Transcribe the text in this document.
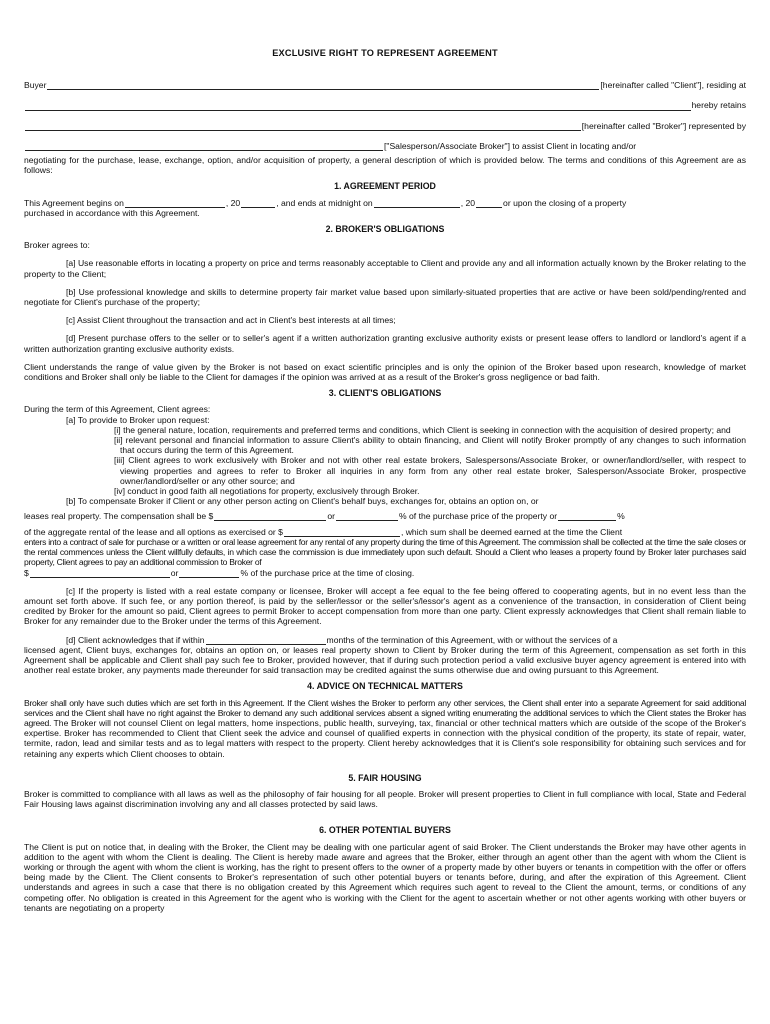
EXCLUSIVE RIGHT TO REPRESENT AGREEMENT
Buyer	[hereinafter called "Client"], residing at
hereby retains
[hereinafter called "Broker"] represented by
["Salesperson/Associate Broker"] to assist Client in locating and/or

negotiating for the purchase, lease, exchange, option, and/or acquisition of property, a general description of which is provided below. The terms and conditions of this Agreement are as follows:

1. AGREEMENT PERIOD
This Agreement begins on	, 20	, and ends at midnight on	, 20	or upon the closing of a property

purchased in accordance with this Agreement.

2. BROKER'S OBLIGATIONS

Broker agrees to:

[a] Use reasonable efforts in locating a property on price and terms reasonably acceptable to Client and provide any and all information actually known by the Broker relating to the property to the Client;

[b] Use professional knowledge and skills to determine property fair market value based upon similarly-situated properties that are active or have been sold/pending/rented and negotiate for Client's purchase of the property;

[c] Assist Client throughout the transaction and act in Client's best interests at all times;

[d] Present purchase offers to the seller or to seller's agent if a written authorization granting exclusive authority exists or present lease offers to landlord or landlord's agent if a written authorization granting exclusive authority exists.

Client understands the range of value given by the Broker is not based on exact scientific principles and is only the opinion of the Broker based upon research, knowledge of market conditions and Broker shall only be liable to the Client for damages if the opinion was arrived at as a result of the Broker's gross negligence or bad faith.

3. CLIENT'S OBLIGATIONS

During the term of this Agreement, Client agrees:

[a] To provide to Broker upon request:

[i] the general nature, location, requirements and preferred terms and conditions, which Client is seeking in connection with the acquisition of desired property; and

[ii] relevant personal and financial information to assure Client's ability to obtain financing, and Client will notify Broker promptly of any changes to such information that occurs during the term of this Agreement.

[iii] Client agrees to work exclusively with Broker and not with other real estate brokers, Salespersons/Associate Broker, or owner/landlord/seller, with respect to viewing properties and agrees to refer to Broker all inquiries in any form from any other real estate broker, Salesperson/Associate Broker, prospective owner/landlord/seller or any other source; and

[iv] conduct in good faith all negotiations for property, exclusively through Broker.

[b] To compensate Broker if Client or any other person acting on Client's behalf buys, exchanges for, obtains an option on, or

leases real property. The compensation shall be $	or	% of the purchase price of the property or	%
of the aggregate rental of the lease and all options as exercised or $	, which sum shall be deemed earned at the time the Client

enters into a contract of sale for purchase or a written or oral lease agreement for any rental of any property during the time of this Agreement. The commission shall be collected at the time the sale closes or the rental commences unless the Client willfully defaults, in which case the commission is due immediately upon such default. Should a Client who leases a property found by Broker later purchases said property, Client agrees to pay an additional commission to Broker of

$	or	% of the purchase price at the time of closing.

[c] If the property is listed with a real estate company or licensee, Broker will accept a fee equal to the fee being offered to cooperating agents, but in no event less than the amount set forth above. If such fee, or any portion thereof, is paid by the seller/lessor or the seller's/lessor's agent as a convenience of the transaction, in consideration of Client being credited by Broker for the amount so paid, Client agrees to permit Broker to accept compensation from more than one party. Client expressly acknowledges that Client shall remain liable to Broker for any remainder due to the Broker under the terms of this Agreement.

[d] Client acknowledges that if within	months of the termination of this Agreement, with or without the services of a

licensed agent, Client buys, exchanges for, obtains an option on, or leases real property shown to Client by Broker during the term of this Agreement, compensation as set forth in this Agreement shall be applicable and Client shall pay such fee to Broker, provided however, that if during such protection period a valid exclusive buyer agency agreement is entered into with another real estate broker, any payments made thereunder for said transaction may be credited against the sums otherwise due and owing pursuant to this Agreement.

4. ADVICE ON TECHNICAL MATTERS

Broker shall only have such duties which are set forth in this Agreement. If the Client wishes the Broker to perform any other services, the Client shall enter into a separate Agreement for said additional services and the Client shall have no right against the Broker to demand any such additional services absent a signed writing enumerating the additional services to which the Client states the Broker has agreed. The Broker will not counsel Client on legal matters, home inspections, public health, surveying, tax, financial or other technical matters which are outside of the scope of the Broker's expertise. Broker has recommended to Client that Client seek the advice and counsel of qualified experts in connection with the physical condition of the property, its state of repair, water, termite, radon, lead and similar tests and as to legal matters with respect to the property. Client hereby acknowledges that it is Client's sole responsibility for obtaining such services and for retaining any experts which Client chooses to obtain.

5. FAIR HOUSING

Broker is committed to compliance with all laws as well as the philosophy of fair housing for all people. Broker will present properties to Client in full compliance with local, State and Federal Fair Housing laws against discrimination involving any and all classes protected by said laws.

6. OTHER POTENTIAL BUYERS

The Client is put on notice that, in dealing with the Broker, the Client may be dealing with one particular agent of said Broker. The Client understands the Broker may have other agents in addition to the agent with whom the Client is dealing. The Client is hereby made aware and agrees that the Broker, either through an agent other than the agent with whom the Client is working or through the agent with whom the client is working, has the right to present offers to the owner of a property made by other buyers or tenants in competition with the offer or offers being made by the Client. The Client consents to Broker's representation of such other potential buyers or tenants before, during, and after the expiration of this Agreement. Client understands and agrees in such a case that there is no obligation created by this Agreement which requires such agent to reveal to the Client the amount, terms, or conditions of any competing offer. No obligation is created in this Agreement for the agent who is working with the Client for the agent to ascertain whether or not other agents working with other buyers or tenants are negotiating on a property
